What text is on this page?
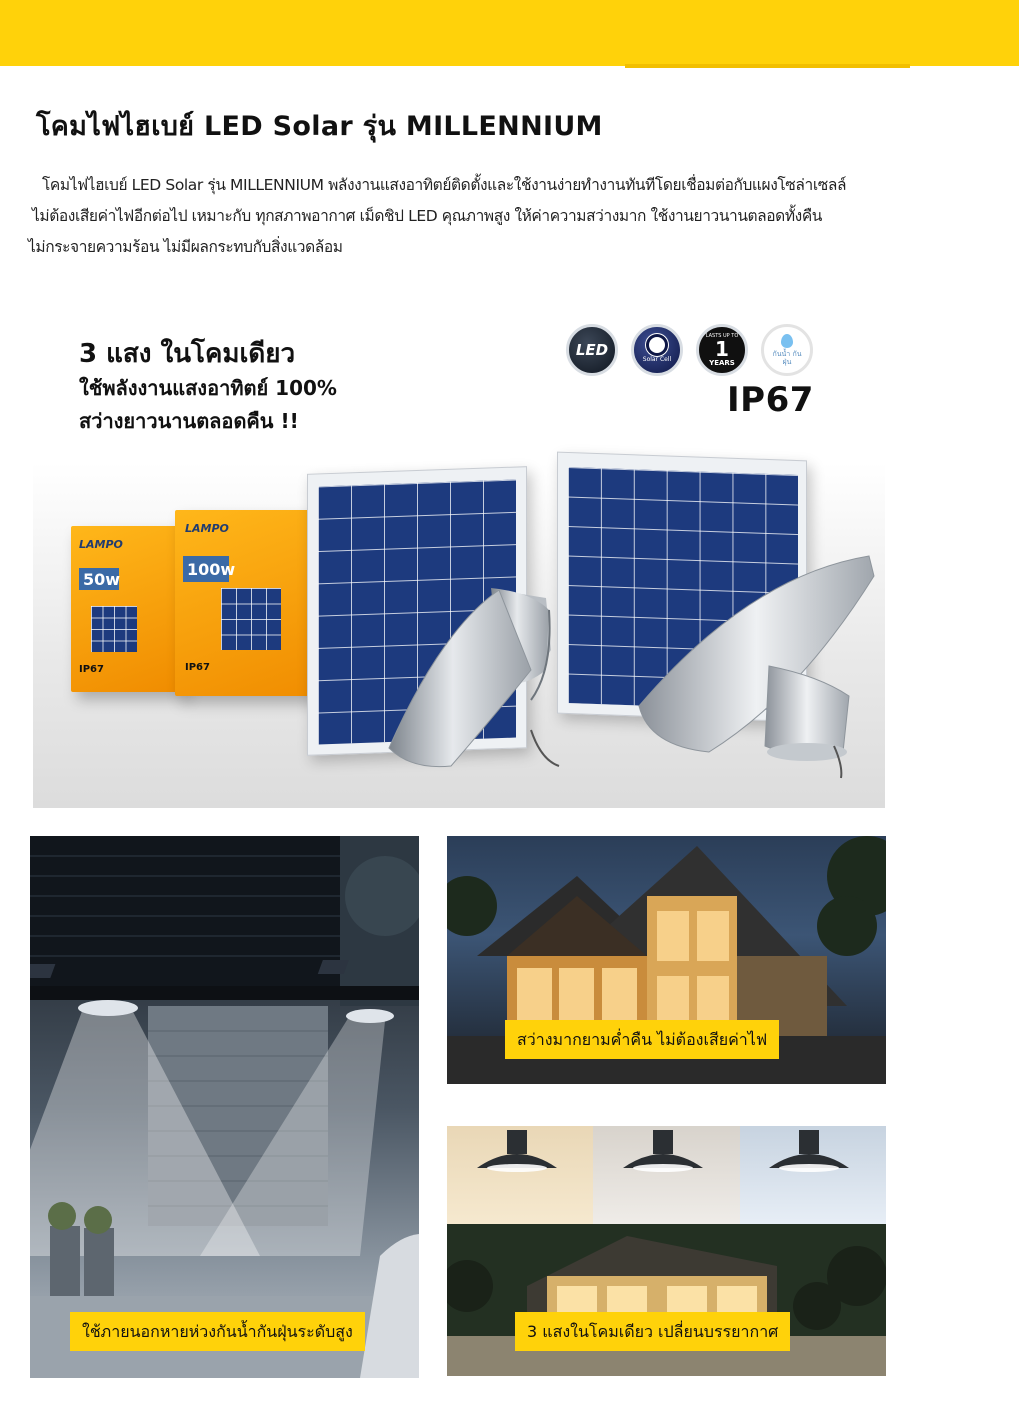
โคมไฟไฮเบย์ LED Solar รุ่น MILLENNIUM

โคมไฟไฮเบย์ LED Solar รุ่น MILLENNIUM พลังงานแสงอาทิตย์ติดตั้งและใช้งานง่ายทำงานทันทีโดยเชื่อมต่อกับแผงโซล่าเซลล์

ไม่ต้องเสียค่าไฟอีกต่อไป เหมาะกับ ทุกสภาพอากาศ เม็ดชิป LED คุณภาพสูง ให้ค่าความสว่างมาก ใช้งานยาวนานตลอดทั้งคืน

ไม่กระจายความร้อน ไม่มีผลกระทบกับสิ่งแวดล้อม

3 แสง ในโคมเดียว
ใช้พลังงานแสงอาทิตย์ 100%
สว่างยาวนานตลอดคืน !!
LED
Solar Cell
LASTS UP TO
1
YEARS
กันน้ำ กันฝุ่น
IP67
LAMPO
50w
IP67
LAMPO
100w
IP67
ใช้ภายนอกหายห่วงกันน้ำกันฝุ่นระดับสูง
สว่างมากยามค่ำคืน ไม่ต้องเสียค่าไฟ
3 แสงในโคมเดียว เปลี่ยนบรรยากาศ
